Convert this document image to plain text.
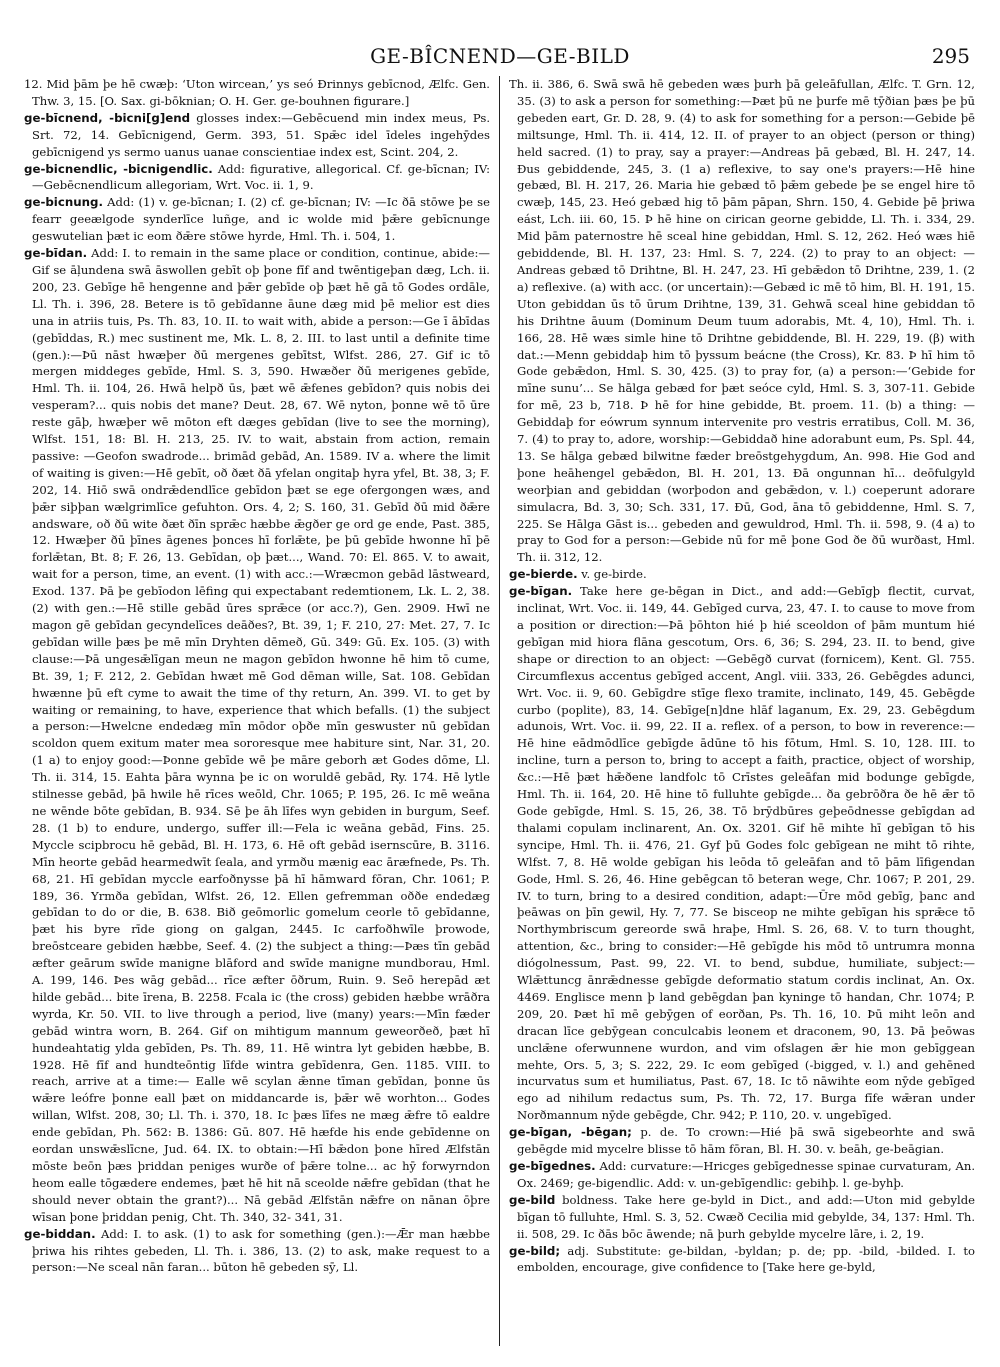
GE-BÎCNEND—GE-BILD	295

12. Mid þām þe hē cwæþ: ‘Uton wircean,’ ys seó Ðrinnys gebīcnod, Ælfc. Gen. Thw. 3, 15. [O. Sax. gi-bōknian; O. H. Ger. ge-bouhnen figurare.]

ge-bīcnend, -bicni[g]end glosses index:—Gebēcuend min index meus, Ps. Srt. 72, 14. Gebīcnigend, Germ. 393, 51. Spǣc idel īdeles ingehȳdes gebīcnigend ys sermo uanus uanae conscientiae index est, Scint. 204, 2.

ge-bicnendlic, -bicnigendlic. Add: figurative, allegorical. Cf. ge-bīcnan; IV:—Gebēcnendlicum allegoriam, Wrt. Voc. ii. 1, 9.

ge-bicnung. Add: (1) v. ge-bīcnan; I. (2) cf. ge-bīcnan; IV: —Ic ðā stōwe þe se fearr geeælgode synderlīce luñge, and ic wolde mid þǣre gebīcnunge geswutelian þæt ic eom ðǣre stōwe hyrde, Hml. Th. i. 504, 1.

ge-bīdan. Add: I. to remain in the same place or condition, continue, abide:—Gif se āļundena swā āswollen gebīt oþ þone fīf and twēntigeþan dæg, Lch. ii. 200, 23. Gebīge hē hengenne and þǣr gebīde oþ þæt hē gā tō Godes ordāle, Ll. Th. i. 396, 28. Betere is tō gebīdanne āune dæg mid þē melior est dies una in atriis tuis, Ps. Th. 83, 10. II. to wait with, abide a person:—Ge ī ābīdas (gebīddas, R.) mec sustinent me, Mk. L. 8, 2. III. to last until a definite time (gen.):—Þū nāst hwæþer ðū mergenes gebītst, Wlfst. 286, 27. Gif ic tō mergen middeges gebīde, Hml. S. 3, 590. Hwæðer ðū merigenes gebīde, Hml. Th. ii. 104, 26. Hwā helpð ūs, þæt wē ǣfenes gebīdon? quis nobis dei vesperam?... quis nobis det mane? Deut. 28, 67. Wē nyton, þonne wē tō ūre reste gāþ, hwæþer wē mōton eft dæges gebīdan (live to see the morning), Wlfst. 151, 18: Bl. H. 213, 25. IV. to wait, abstain from action, remain passive: —Geofon swadrode... brimād gebād, An. 1589. IV a. where the limit of waiting is given:—Hē gebīt, oð ðæt ðā yfelan ongitaþ hyra yfel, Bt. 38, 3; F. 202, 14. Hiō swā ondrǣdendlīce gebīdon þæt se ege ofergongen wæs, and þǣr siþþan wælgrimlīce gefuhton. Ors. 4, 2; S. 160, 31. Gebīd ðū mid ðǣre andsware, oð ðū wite ðæt ðīn sprǣc hæbbe ǣgðer ge ord ge ende, Past. 385, 12. Hwæþer ðū þīnes āgenes þonces hī forlǣte, þe þū gebīde hwonne hī þē forlǣtan, Bt. 8; F. 26, 13. Gebīdan, oþ þæt..., Wand. 70: El. 865. V. to await, wait for a person, time, an event. (1) with acc.:—Wræcmon gebād lāstweard, Exod. 137. Þā þe gebīodon lēfing qui expectabant redemtionem, Lk. L. 2, 38. (2) with gen.:—Hē stille gebād ūres sprǣce (or acc.?), Gen. 2909. Hwī ne magon gē gebīdan gecyndelīces deāðes?, Bt. 39, 1; F. 210, 27: Met. 27, 7. Ic gebīdan wille þæs þe mē mīn Dryhten dēmeð, Gū. 349: Gū. Ex. 105. (3) with clause:—Þā ungesǣlīgan meun ne magon gebīdon hwonne hē him tō cume, Bt. 39, 1; F. 212, 2. Gebīdan hwæt mē God dēman wille, Sat. 108. Gebīdan hwænne þū eft cyme to await the time of thy return, An. 399. VI. to get by waiting or remaining, to have, experience that which befalls. (1) the subject a person:—Hwelcne endedæg mīn mōdor oþðe mīn geswuster nū gebīdan scoldon quem exitum mater mea sororesque mee habiture sint, Nar. 31, 20. (1 a) to enjoy good:—Þonne gebīde wē þe māre geborh æt Godes dōme, Ll. Th. ii. 314, 15. Eahta þāra wynna þe ic on woruldē gebād, Ry. 174. Hē lytle stilnesse gebād, þā hwile hē rīces weōld, Chr. 1065; P. 195, 26. Ic mē weāna ne wēnde bōte gebīdan, B. 934. Sē þe āh līfes wyn gebiden in burgum, Seef. 28. (1 b) to endure, undergo, suffer ill:—Fela ic weāna gebād, Fins. 25. Myccle scipbrocu hē gebād, Bl. H. 173, 6. Hē oft gebād isernscūre, B. 3116. Mīn heorte gebād hearmedwīt ſeala, and yrmðu mænig eac āræfnede, Ps. Th. 68, 21. Hī gebīdan myccle earfoðnysse þā hī hāmward fōran, Chr. 1061; P. 189, 36. Yrmða gebīdan, Wlfst. 26, 12. Ellen gefremman oððe endedæg gebīdan to do or die, B. 638. Bið geōmorlic gomelum ceorle tō gebīdanne, þæt his byre rīde giong on galgan, 2445. Ic carfoðhwīle þrowode, breōstceare gebiden hæbbe, Seef. 4. (2) the subject a thing:—Þæs tīn gebād æfter geārum swīde manigne blāford and swīde manigne mundborau, Hml. A. 199, 146. Þes wāg gebād... rīce æfter ōðrum, Ruin. 9. Seō herepād æt hilde gebād... bite īrena, B. 2258. Fcala ic (the cross) gebiden hæbbe wrāðra wyrda, Kr. 50. VII. to live through a period, live (many) years:—Mīn fæder gebād wintra worn, B. 264. Gif on mihtigum mannum geweorðeð, þæt hī hundeahtatig ylda gebīden, Ps. Th. 89, 11. Hē wintra lyt gebiden hæbbe, B. 1928. Hē fīf and hundteōntig līfde wintra gebīdenra, Gen. 1185. VIII. to reach, arrive at a time:— Ealle wē scylan ǣnne tīman gebīdan, þonne ūs wǣre leófre þonne eall þæt on middancarde is, þǣr wē worhton... Godes willan, Wlfst. 208, 30; Ll. Th. i. 370, 18. Ic þæs līfes ne mæg ǣfre tō ealdre ende gebīdan, Ph. 562: B. 1386: Gū. 807. Hē hæfde his ende gebīdenne on eordan unswǣslīcne, Jud. 64. IX. to obtain:—Hī bǣdon þone hīred Ælfstān mōste beōn þæs þriddan peniges wurðe of þǣre tolne... ac hȳ forwyrndon heom ealle tōgædere endemes, þæt hē hit nā sceolde nǣfre gebīdan (that he should never obtain the grant?)... Nā gebād Ælfstān nǣfre on nānan ōþre wīsan þone þriddan penig, Cht. Th. 340, 32- 341, 31.

ge-biddan. Add: I. to ask. (1) to ask for something (gen.):—Ǣr man hæbbe þriwa his rihtes gebeden, Ll. Th. i. 386, 13. (2) to ask, make request to a person:—Ne sceal nān faran... būton hē gebeden sȳ, Ll.

Th. ii. 386, 6. Swā swā hē gebeden wæs þurh þā geleāfullan, Ælfc. T. Grn. 12, 35. (3) to ask a person for something:—Þæt þū ne þurfe mē tȳðian þæs þe þū gebeden eart, Gr. D. 28, 9. (4) to ask for something for a person:—Gebide þē miltsunge, Hml. Th. ii. 414, 12. II. of prayer to an object (person or thing) held sacred. (1) to pray, say a prayer:—Andreas þā gebæd, Bl. H. 247, 14. Ðus gebiddende, 245, 3. (1 a) reflexive, to say one's prayers:—Hē hine gebæd, Bl. H. 217, 26. Maria hie gebæd tō þǣm gebede þe se engel hire tō cwæþ, 145, 23. Heó gebæd hig tō þām pāpan, Shrn. 150, 4. Gebide þē þriwa eást, Lch. iii. 60, 15. Þ hē hine on cirican georne gebidde, Ll. Th. i. 334, 29. Mid þām paternostre hē sceal hine gebiddan, Hml. S. 12, 262. Heó wæs hiē gebiddende, Bl. H. 137, 23: Hml. S. 7, 224. (2) to pray to an object: —Andreas gebæd tō Drihtne, Bl. H. 247, 23. Hī gebǣdon tō Drihtne, 239, 1. (2 a) reflexive. (a) with acc. (or uncertain):—Gebæd ic mē tō him, Bl. H. 191, 15. Uton gebiddan ūs tō ūrum Drihtne, 139, 31. Gehwā sceal hine gebiddan tō his Drihtne āuum (Dominum Deum tuum adorabis, Mt. 4, 10), Hml. Th. i. 166, 28. Hē wæs simle hine tō Drihtne gebiddende, Bl. H. 229, 19. (β) with dat.:—Menn gebiddaþ him tō þyssum beácne (the Cross), Kr. 83. Þ hī him tō Gode gebǣdon, Hml. S. 30, 425. (3) to pray for, (a) a person:—‘Gebide for mīne sunu’... Se hālga gebæd for þæt seóce cyld, Hml. S. 3, 307-11. Gebide for mē, 23 b, 718. Þ hē for hine gebidde, Bt. proem. 11. (b) a thing: —Gebiddaþ for eówrum synnum intervenite pro vestris erratibus, Coll. M. 36, 7. (4) to pray to, adore, worship:—Gebiddað hine adorabunt eum, Ps. Spl. 44, 13. Se hālga gebæd bilwitne fæder breōstgehygdum, An. 998. Hie God and þone heāhengel gebǣdon, Bl. H. 201, 13. Ðā ongunnan hī... deōfulgyld weorþian and gebiddan (worþodon and gebǣdon, v. l.) coeperunt adorare simulacra, Bd. 3, 30; Sch. 331, 17. Ðū, God, āna tō gebiddenne, Hml. S. 7, 225. Se Hālga Gāst is... gebeden and gewuldrod, Hml. Th. ii. 598, 9. (4 a) to pray to God for a person:—Gebide nū for mē þone God ðe ðū wurðast, Hml. Th. ii. 312, 12.

ge-bierde. v. ge-birde.

ge-bīgan. Take here ge-bēgan in Dict., and add:—Gebīgþ flectit, curvat, inclinat, Wrt. Voc. ii. 149, 44. Gebīged curva, 23, 47. I. to cause to move from a position or direction:—Þā þōhton hié þ hié sceoldon of þām muntum hié gebīgan mid hiora flāna gescotum, Ors. 6, 36; S. 294, 23. II. to bend, give shape or direction to an object: —Gebēgð curvat (fornicem), Kent. Gl. 755. Circumflexus accentus gebīged accent, Angl. viii. 333, 26. Gebēgdes adunci, Wrt. Voc. ii. 9, 60. Gebīgdre stīge flexo tramite, inclinato, 149, 45. Gebēgde curbo (poplite), 83, 14. Gebīge[n]dne hlāf laganum, Ex. 29, 23. Gebēgdum adunois, Wrt. Voc. ii. 99, 22. II a. reflex. of a person, to bow in reverence:—Hē hine eādmōdlīce gebīgde ādūne tō his fōtum, Hml. S. 10, 128. III. to incline, turn a person to, bring to accept a faith, practice, object of worship, &c.:—Hē þæt hǣðene landfolc tō Crīstes geleāfan mid bodunge gebīgde, Hml. Th. ii. 164, 20. Hē hine tō fulluhte gebīgde... ða gebrōðra ðe hē ǣr tō Gode gebīgde, Hml. S. 15, 26, 38. Tō brȳdbūres geþeōdnesse gebīgdan ad thalami copulam inclinarent, An. Ox. 3201. Gif hē mihte hī gebīgan tō his syncipe, Hml. Th. ii. 476, 21. Gyf þū Godes folc gebīgean ne miht tō rihte, Wlfst. 7, 8. Hē wolde gebīgan his leōda tō geleāfan and tō þām līfigendan Gode, Hml. S. 26, 46. Hine gebēgcan tō beteran wege, Chr. 1067; P. 201, 29. IV. to turn, bring to a desired condition, adapt:—Ūre mōd gebīg, þanc and þeāwas on þīn gewil, Hy. 7, 77. Se bisceop ne mihte gebīgan his sprǣce tō Northymbriscum gereorde swā hraþe, Hml. S. 26, 68. V. to turn thought, attention, &c., bring to consider:—Hē gebīgde his mōd tō untrumra monna diógolnessum, Past. 99, 22. VI. to bend, subdue, humiliate, subject:—Wlǣttuncg ānrǣdnesse gebīgde deformatio statum cordis inclinat, An. Ox. 4469. Englisce menn þ land gebēgdan þan kyninge tō handan, Chr. 1074; P. 209, 20. Þæt hī mē gebȳgen of eorðan, Ps. Th. 16, 10. Þū miht leōn and dracan līce gebȳgean conculcabis leonem et draconem, 90, 13. Þā þeōwas unclǣne oferwunnene wurdon, and vim ofslagen ǣr hie mon gebīggean mehte, Ors. 5, 3; S. 222, 29. Ic eom gebīged (-bigged, v. l.) and gehēned incurvatus sum et humiliatus, Past. 67, 18. Ic tō nāwihte eom nȳde gebīged ego ad nihilum redactus sum, Ps. Th. 72, 17. Burga fīfe wǣran under Norðmannum nȳde gebēgde, Chr. 942; P. 110, 20. v. ungebīged.

ge-bīgan, -bēgan; p. de. To crown:—Hié þā swā sigebeorhte and swā gebēgde mid mycelre blisse tō hām fōran, Bl. H. 30. v. beāh, ge-beāgian.

ge-bīgednes. Add: curvature:—Hricges gebīgednesse spinae curvaturam, An. Ox. 2469; ge-bigendlic. Add: v. un-gebīgendlic: gebihþ. l. ge-byhþ.

ge-bild boldness. Take here ge-byld in Dict., and add:—Uton mid gebylde bīgan tō fulluhte, Hml. S. 3, 52. Cwæð Cecilia mid gebylde, 34, 137: Hml. Th. ii. 508, 29. Ic ðās bōc āwende; nā þurh gebylde mycelre lāre, i. 2, 19.

ge-bild; adj. Substitute: ge-bildan, -byldan; p. de; pp. -bild, -bilded. I. to embolden, encourage, give confidence to [Take here ge-byld,
